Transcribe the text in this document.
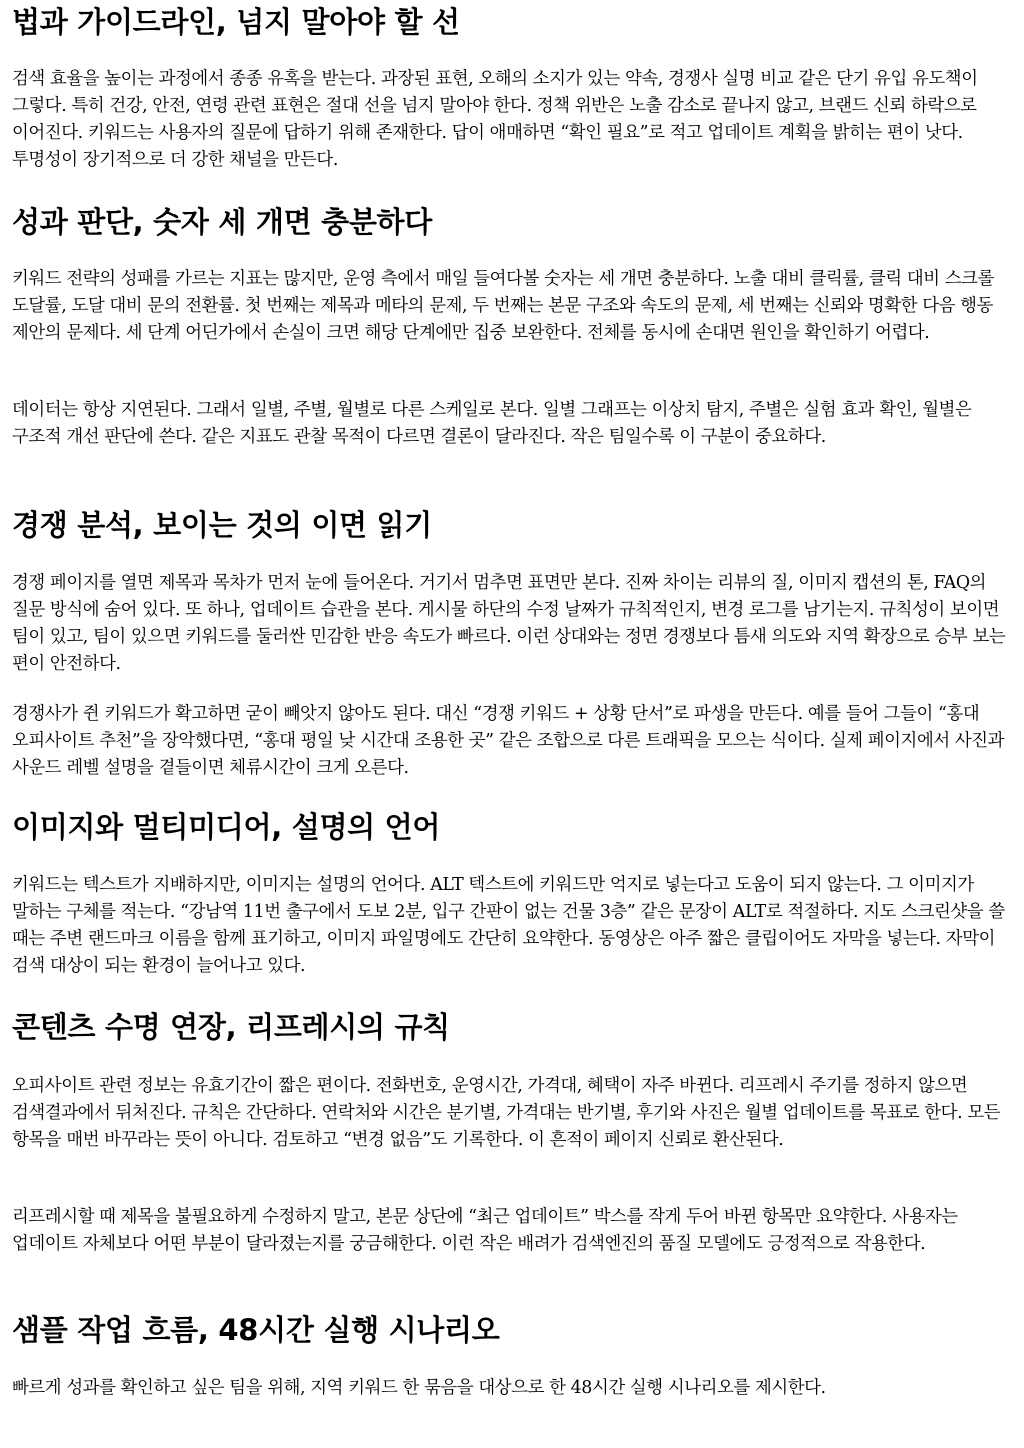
법과 가이드라인, 넘지 말아야 할 선

검색 효율을 높이는 과정에서 종종 유혹을 받는다. 과장된 표현, 오해의 소지가 있는 약속, 경쟁사 실명 비교 같은 단기 유입 유도책이 그렇다. 특히 건강, 안전, 연령 관련 표현은 절대 선을 넘지 말아야 한다. 정책 위반은 노출 감소로 끝나지 않고, 브랜드 신뢰 하락으로 이어진다. 키워드는 사용자의 질문에 답하기 위해 존재한다. 답이 애매하면 “확인 필요”로 적고 업데이트 계획을 밝히는 편이 낫다. 투명성이 장기적으로 더 강한 채널을 만든다.

성과 판단, 숫자 세 개면 충분하다

키워드 전략의 성패를 가르는 지표는 많지만, 운영 측에서 매일 들여다볼 숫자는 세 개면 충분하다. 노출 대비 클릭률, 클릭 대비 스크롤 도달률, 도달 대비 문의 전환률. 첫 번째는 제목과 메타의 문제, 두 번째는 본문 구조와 속도의 문제, 세 번째는 신뢰와 명확한 다음 행동 제안의 문제다. 세 단계 어딘가에서 손실이 크면 해당 단계에만 집중 보완한다. 전체를 동시에 손대면 원인을 확인하기 어렵다.

데이터는 항상 지연된다. 그래서 일별, 주별, 월별로 다른 스케일로 본다. 일별 그래프는 이상치 탐지, 주별은 실험 효과 확인, 월별은 구조적 개선 판단에 쓴다. 같은 지표도 관찰 목적이 다르면 결론이 달라진다. 작은 팀일수록 이 구분이 중요하다.

경쟁 분석, 보이는 것의 이면 읽기

경쟁 페이지를 열면 제목과 목차가 먼저 눈에 들어온다. 거기서 멈추면 표면만 본다. 진짜 차이는 리뷰의 질, 이미지 캡션의 톤, FAQ의 질문 방식에 숨어 있다. 또 하나, 업데이트 습관을 본다. 게시물 하단의 수정 날짜가 규칙적인지, 변경 로그를 남기는지. 규칙성이 보이면 팀이 있고, 팀이 있으면 키워드를 둘러싼 민감한 반응 속도가 빠르다. 이런 상대와는 정면 경쟁보다 틈새 의도와 지역 확장으로 승부 보는 편이 안전하다.

경쟁사가 쥔 키워드가 확고하면 굳이 빼앗지 않아도 된다. 대신 “경쟁 키워드 + 상황 단서”로 파생을 만든다. 예를 들어 그들이 “홍대 오피사이트 추천”을 장악했다면, “홍대 평일 낮 시간대 조용한 곳” 같은 조합으로 다른 트래픽을 모으는 식이다. 실제 페이지에서 사진과 사운드 레벨 설명을 곁들이면 체류시간이 크게 오른다.

이미지와 멀티미디어, 설명의 언어

키워드는 텍스트가 지배하지만, 이미지는 설명의 언어다. ALT 텍스트에 키워드만 억지로 넣는다고 도움이 되지 않는다. 그 이미지가 말하는 구체를 적는다. “강남역 11번 출구에서 도보 2분, 입구 간판이 없는 건물 3층” 같은 문장이 ALT로 적절하다. 지도 스크린샷을 쓸 때는 주변 랜드마크 이름을 함께 표기하고, 이미지 파일명에도 간단히 요약한다. 동영상은 아주 짧은 클립이어도 자막을 넣는다. 자막이 검색 대상이 되는 환경이 늘어나고 있다.

콘텐츠 수명 연장, 리프레시의 규칙

오피사이트 관련 정보는 유효기간이 짧은 편이다. 전화번호, 운영시간, 가격대, 혜택이 자주 바뀐다. 리프레시 주기를 정하지 않으면 검색결과에서 뒤처진다. 규칙은 간단하다. 연락처와 시간은 분기별, 가격대는 반기별, 후기와 사진은 월별 업데이트를 목표로 한다. 모든 항목을 매번 바꾸라는 뜻이 아니다. 검토하고 “변경 없음”도 기록한다. 이 흔적이 페이지 신뢰로 환산된다.

리프레시할 때 제목을 불필요하게 수정하지 말고, 본문 상단에 “최근 업데이트” 박스를 작게 두어 바뀐 항목만 요약한다. 사용자는 업데이트 자체보다 어떤 부분이 달라졌는지를 궁금해한다. 이런 작은 배려가 검색엔진의 품질 모델에도 긍정적으로 작용한다.

샘플 작업 흐름, 48시간 실행 시나리오

빠르게 성과를 확인하고 싶은 팀을 위해, 지역 키워드 한 묶음을 대상으로 한 48시간 실행 시나리오를 제시한다.
